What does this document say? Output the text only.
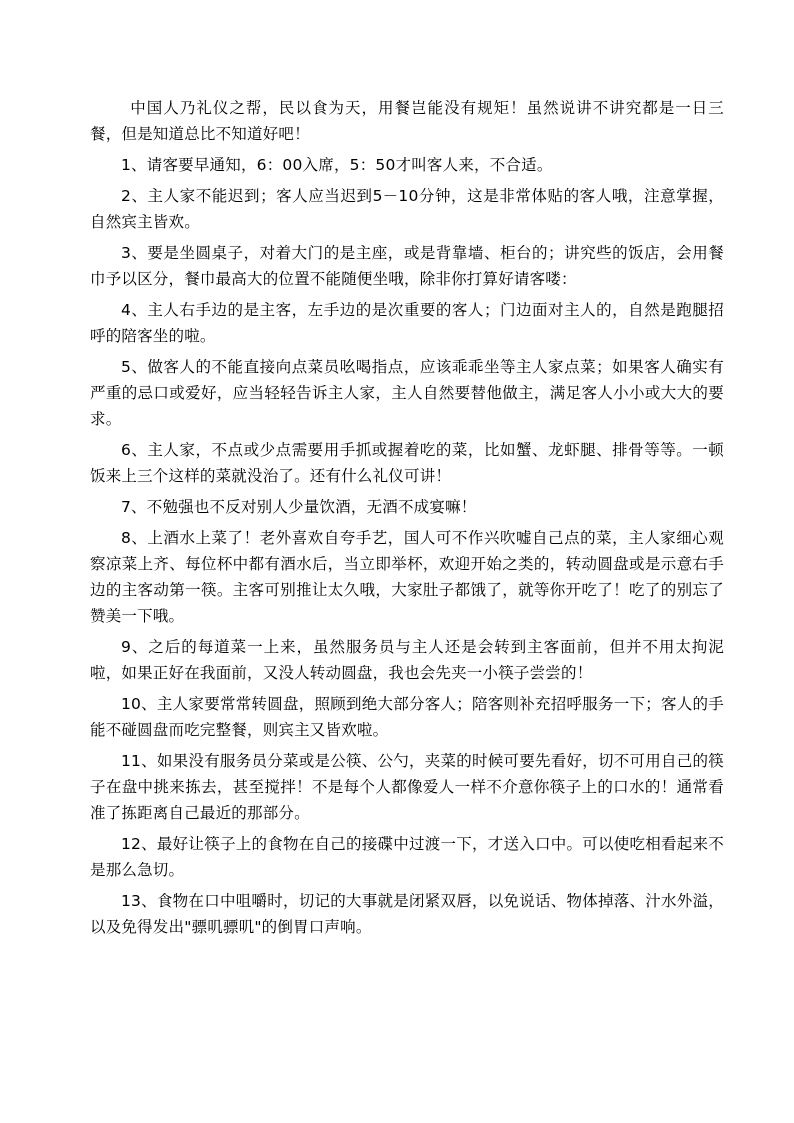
中国人乃礼仪之帮，民以食为天，用餐岂能没有规矩！虽然说讲不讲究都是一日三餐，但是知道总比不知道好吧！

1、请客要早通知，6：00入席，5：50才叫客人来，不合适。

2、主人家不能迟到；客人应当迟到5－10分钟，这是非常体贴的客人哦，注意掌握，自然宾主皆欢。

3、要是坐圆桌子，对着大门的是主座，或是背靠墙、柜台的；讲究些的饭店，会用餐巾予以区分，餐巾最高大的位置不能随便坐哦，除非你打算好请客喽：

4、主人右手边的是主客，左手边的是次重要的客人；门边面对主人的，自然是跑腿招呼的陪客坐的啦。

5、做客人的不能直接向点菜员吆喝指点，应该乖乖坐等主人家点菜；如果客人确实有严重的忌口或爱好，应当轻轻告诉主人家，主人自然要替他做主，满足客人小小或大大的要求。

6、主人家，不点或少点需要用手抓或握着吃的菜，比如蟹、龙虾腿、排骨等等。一顿饭来上三个这样的菜就没治了。还有什么礼仪可讲！

7、不勉强也不反对别人少量饮酒，无酒不成宴嘛！

8、上酒水上菜了！老外喜欢自夸手艺，国人可不作兴吹嘘自己点的菜，主人家细心观察凉菜上齐、每位杯中都有酒水后，当立即举杯，欢迎开始之类的，转动圆盘或是示意右手边的主客动第一筷。主客可别推让太久哦，大家肚子都饿了，就等你开吃了！吃了的别忘了赞美一下哦。

9、之后的每道菜一上来，虽然服务员与主人还是会转到主客面前，但并不用太拘泥啦，如果正好在我面前，又没人转动圆盘，我也会先夹一小筷子尝尝的！

10、主人家要常常转圆盘，照顾到绝大部分客人；陪客则补充招呼服务一下；客人的手能不碰圆盘而吃完整餐，则宾主又皆欢啦。

11、如果没有服务员分菜或是公筷、公勺，夹菜的时候可要先看好，切不可用自己的筷子在盘中挑来拣去，甚至搅拌！不是每个人都像爱人一样不介意你筷子上的口水的！通常看准了拣距离自己最近的那部分。

12、最好让筷子上的食物在自己的接碟中过渡一下，才送入口中。可以使吃相看起来不是那么急切。

13、食物在口中咀嚼时，切记的大事就是闭紧双唇，以免说话、物体掉落、汁水外溢，以及免得发出"骠叽骠叽"的倒胃口声响。
